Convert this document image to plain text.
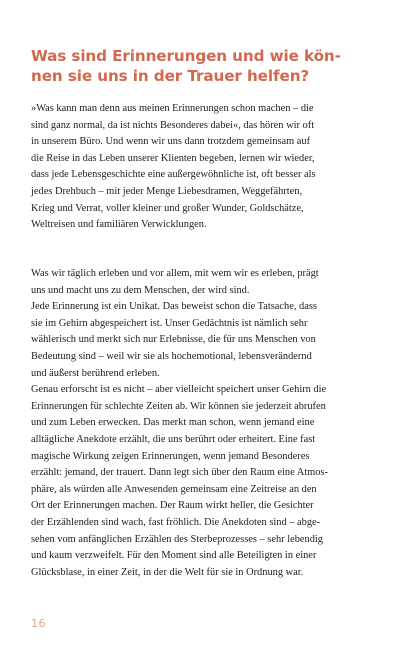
Was sind Erinnerungen und wie kön-
nen sie uns in der Trauer helfen?
»Was kann man denn aus meinen Erinnerungen schon machen – die
sind ganz normal, da ist nichts Besonderes dabei«, das hören wir oft
in unserem Büro. Und wenn wir uns dann trotzdem gemeinsam auf
die Reise in das Leben unserer Klienten begeben, lernen wir wieder,
dass jede Lebensgeschichte eine außergewöhnliche ist, oft besser als
jedes Drehbuch – mit jeder Menge Liebesdramen, Weggefährten,
Krieg und Verrat, voller kleiner und großer Wunder, Goldschätze,
Weltreisen und familiären Verwicklungen.
Was wir täglich erleben und vor allem, mit wem wir es erleben, prägt
uns und macht uns zu dem Menschen, der wird sind.
Jede Erinnerung ist ein Unikat. Das beweist schon die Tatsache, dass
sie im Gehirn abgespeichert ist. Unser Gedächtnis ist nämlich sehr
wählerisch und merkt sich nur Erlebnisse, die für uns Menschen von
Bedeutung sind – weil wir sie als hochemotional, lebensverändernd
und äußerst berührend erleben.
Genau erforscht ist es nicht – aber vielleicht speichert unser Gehirn die
Erinnerungen für schlechte Zeiten ab. Wir können sie jederzeit abrufen
und zum Leben erwecken. Das merkt man schon, wenn jemand eine
alltägliche Anekdote erzählt, die uns berührt oder erheitert. Eine fast
magische Wirkung zeigen Erinnerungen, wenn jemand Besonderes
erzählt: jemand, der trauert. Dann legt sich über den Raum eine Atmos-
phäre, als würden alle Anwesenden gemeinsam eine Zeitreise an den
Ort der Erinnerungen machen. Der Raum wirkt heller, die Gesichter
der Erzählenden sind wach, fast fröhlich. Die Anekdoten sind – abge-
sehen vom anfänglichen Erzählen des Sterbeprozesses – sehr lebendig
und kaum verzweifelt. Für den Moment sind alle Beteiligten in einer
Glücksblase, in einer Zeit, in der die Welt für sie in Ordnung war.
16
